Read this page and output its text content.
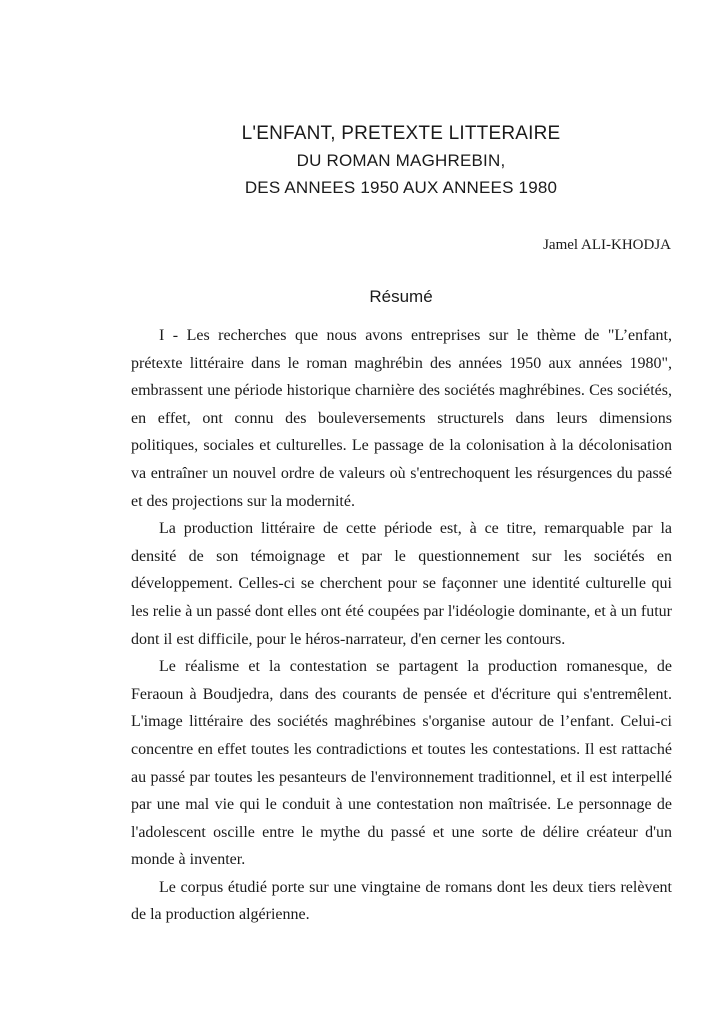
L'ENFANT, PRETEXTE LITTERAIRE
DU ROMAN MAGHREBIN,
DES ANNEES 1950 AUX ANNEES 1980
Jamel ALI-KHODJA
Résumé

I - Les recherches que nous avons entreprises sur le thème de "L’enfant, prétexte littéraire dans le roman maghrébin des années 1950 aux années 1980", embrassent une période historique charnière des sociétés maghrébines. Ces sociétés, en effet, ont connu des bouleversements structurels dans leurs dimensions politiques, sociales et culturelles. Le passage de la colonisation à la décolonisation va entraîner un nouvel ordre de valeurs où s'entrechoquent les résurgences du passé et des projections sur la modernité.

La production littéraire de cette période est, à ce titre, remarquable par la densité de son témoignage et par le questionnement sur les sociétés en développement. Celles-ci se cherchent pour se façonner une identité culturelle qui les relie à un passé dont elles ont été coupées par l'idéologie dominante, et à un futur dont il est difficile, pour le héros-narrateur, d'en cerner les contours.

Le réalisme et la contestation se partagent la production romanesque, de Feraoun à Boudjedra, dans des courants de pensée et d'écriture qui s'entremêlent. L'image littéraire des sociétés maghrébines s'organise autour de l’enfant. Celui-ci concentre en effet toutes les contradictions et toutes les contestations. Il est rattaché au passé par toutes les pesanteurs de l'environnement traditionnel, et il est interpellé par une mal vie qui le conduit à une contestation non maîtrisée. Le personnage de l'adolescent oscille entre le mythe du passé et une sorte de délire créateur d'un monde à inventer.

Le corpus étudié porte sur une vingtaine de romans dont les deux tiers relèvent de la production algérienne.
